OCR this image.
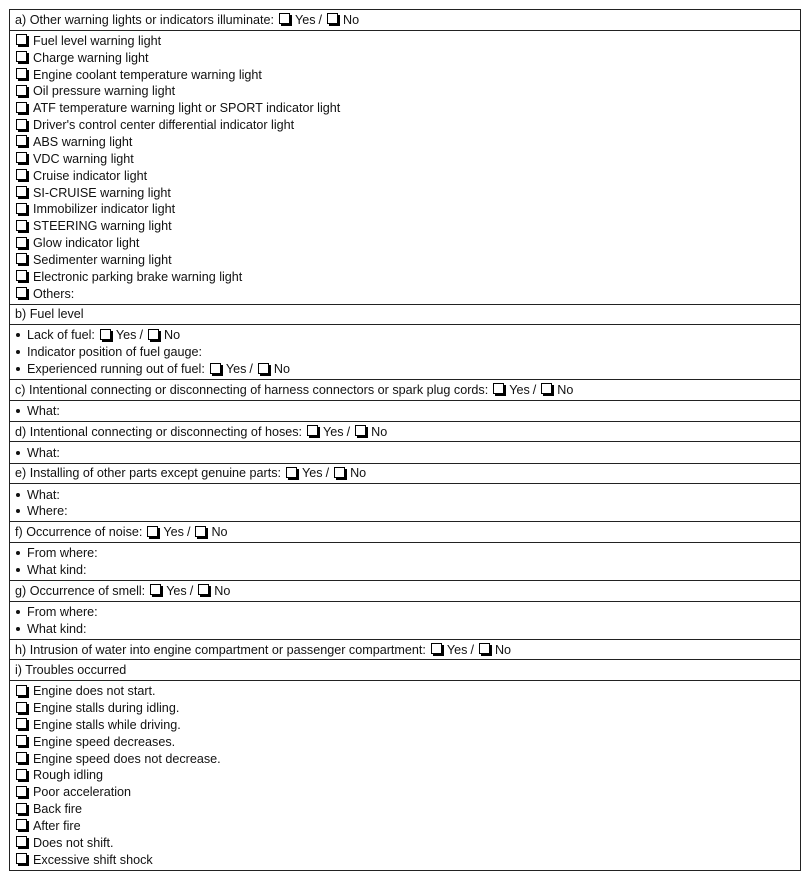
a) Other warning lights or indicators illuminate: Yes / No
Fuel level warning light
Charge warning light
Engine coolant temperature warning light
Oil pressure warning light
ATF temperature warning light or SPORT indicator light
Driver's control center differential indicator light
ABS warning light
VDC warning light
Cruise indicator light
SI-CRUISE warning light
Immobilizer indicator light
STEERING warning light
Glow indicator light
Sedimenter warning light
Electronic parking brake warning light
Others:
b) Fuel level
Lack of fuel: Yes / No
Indicator position of fuel gauge:
Experienced running out of fuel: Yes / No
c) Intentional connecting or disconnecting of harness connectors or spark plug cords: Yes / No
What:
d) Intentional connecting or disconnecting of hoses: Yes / No
What:
e) Installing of other parts except genuine parts: Yes / No
What:
Where:
f) Occurrence of noise: Yes / No
From where:
What kind:
g) Occurrence of smell: Yes / No
From where:
What kind:
h) Intrusion of water into engine compartment or passenger compartment: Yes / No
i) Troubles occurred
Engine does not start.
Engine stalls during idling.
Engine stalls while driving.
Engine speed decreases.
Engine speed does not decrease.
Rough idling
Poor acceleration
Back fire
After fire
Does not shift.
Excessive shift shock
